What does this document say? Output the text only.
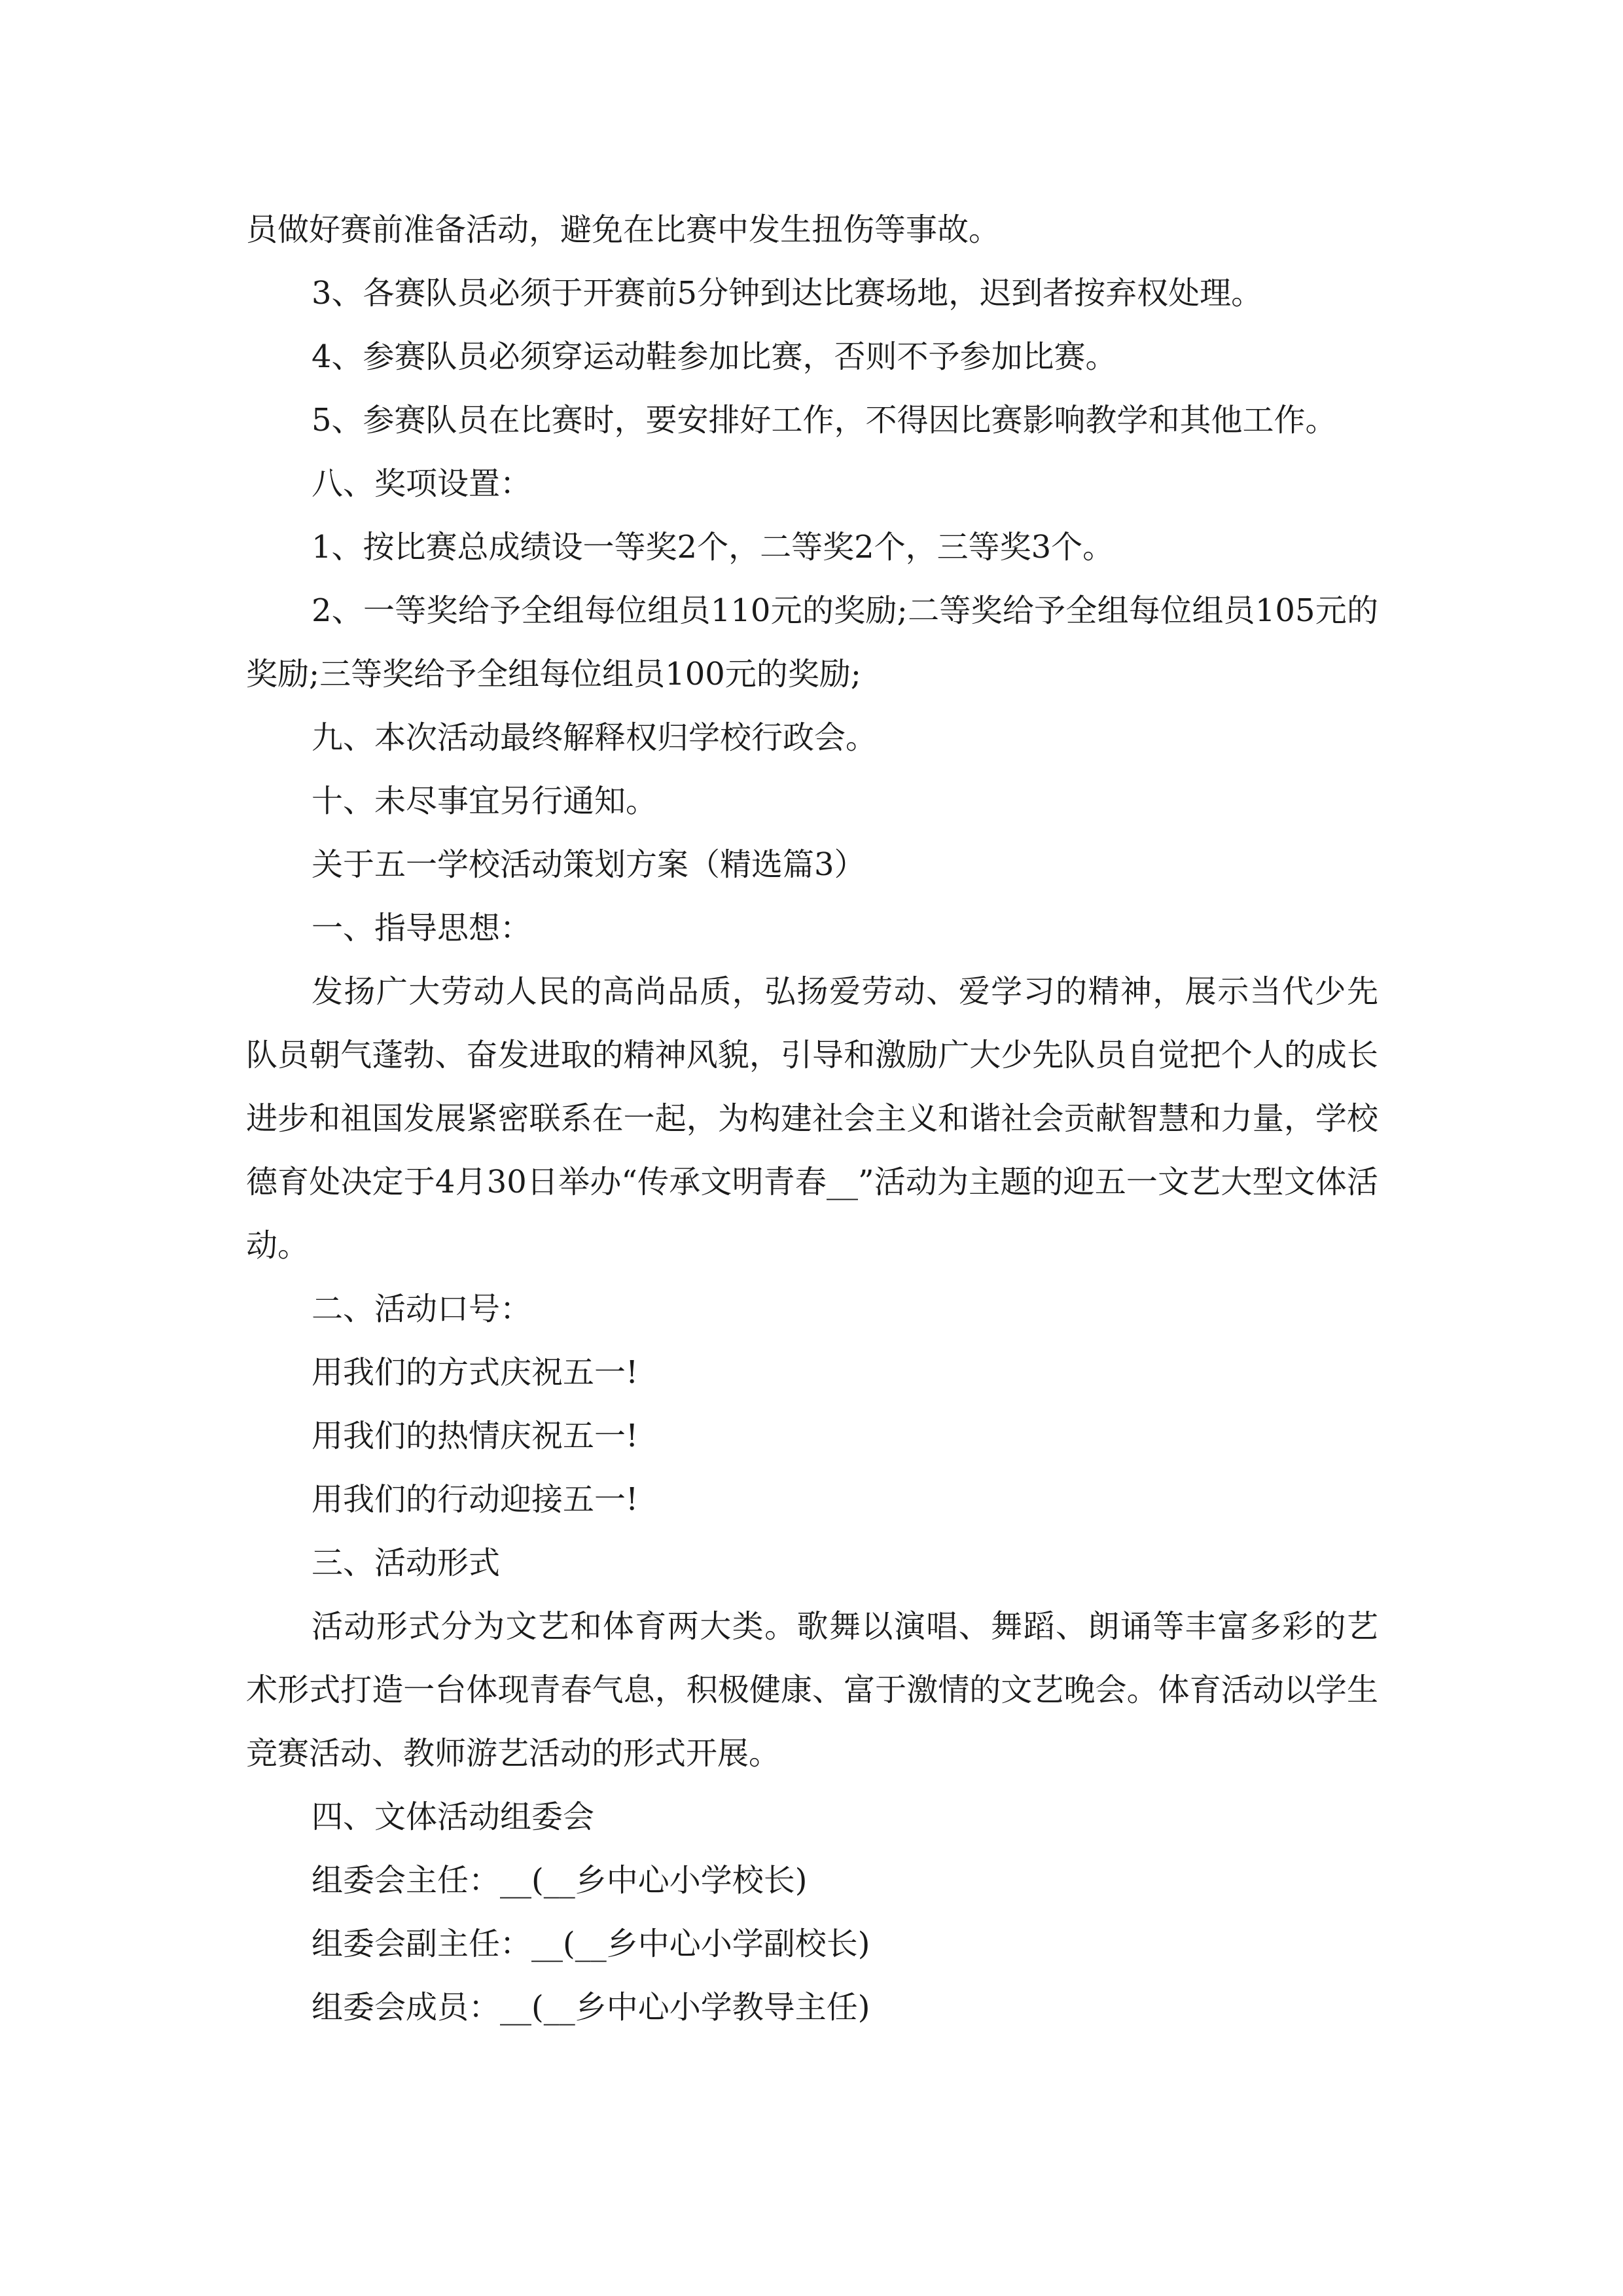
员做好赛前准备活动，避免在比赛中发生扭伤等事故。

3、各赛队员必须于开赛前5分钟到达比赛场地，迟到者按弃权处理。

4、参赛队员必须穿运动鞋参加比赛，否则不予参加比赛。

5、参赛队员在比赛时，要安排好工作，不得因比赛影响教学和其他工作。

八、奖项设置：

1、按比赛总成绩设一等奖2个，二等奖2个，三等奖3个。

2、一等奖给予全组每位组员110元的奖励;二等奖给予全组每位组员105元的奖励;三等奖给予全组每位组员100元的奖励;

九、本次活动最终解释权归学校行政会。

十、未尽事宜另行通知。

关于五一学校活动策划方案（精选篇3）

一、指导思想：

发扬广大劳动人民的高尚品质，弘扬爱劳动、爱学习的精神，展示当代少先队员朝气蓬勃、奋发进取的精神风貌，引导和激励广大少先队员自觉把个人的成长进步和祖国发展紧密联系在一起，为构建社会主义和谐社会贡献智慧和力量，学校德育处决定于4月30日举办“传承文明青春__”活动为主题的迎五一文艺大型文体活动。

二、活动口号：

用我们的方式庆祝五一!

用我们的热情庆祝五一!

用我们的行动迎接五一!

三、活动形式

活动形式分为文艺和体育两大类。歌舞以演唱、舞蹈、朗诵等丰富多彩的艺术形式打造一台体现青春气息，积极健康、富于激情的文艺晚会。体育活动以学生竞赛活动、教师游艺活动的形式开展。

四、文体活动组委会

组委会主任：__(__乡中心小学校长)

组委会副主任：__(__乡中心小学副校长)

组委会成员：__(__乡中心小学教导主任)
